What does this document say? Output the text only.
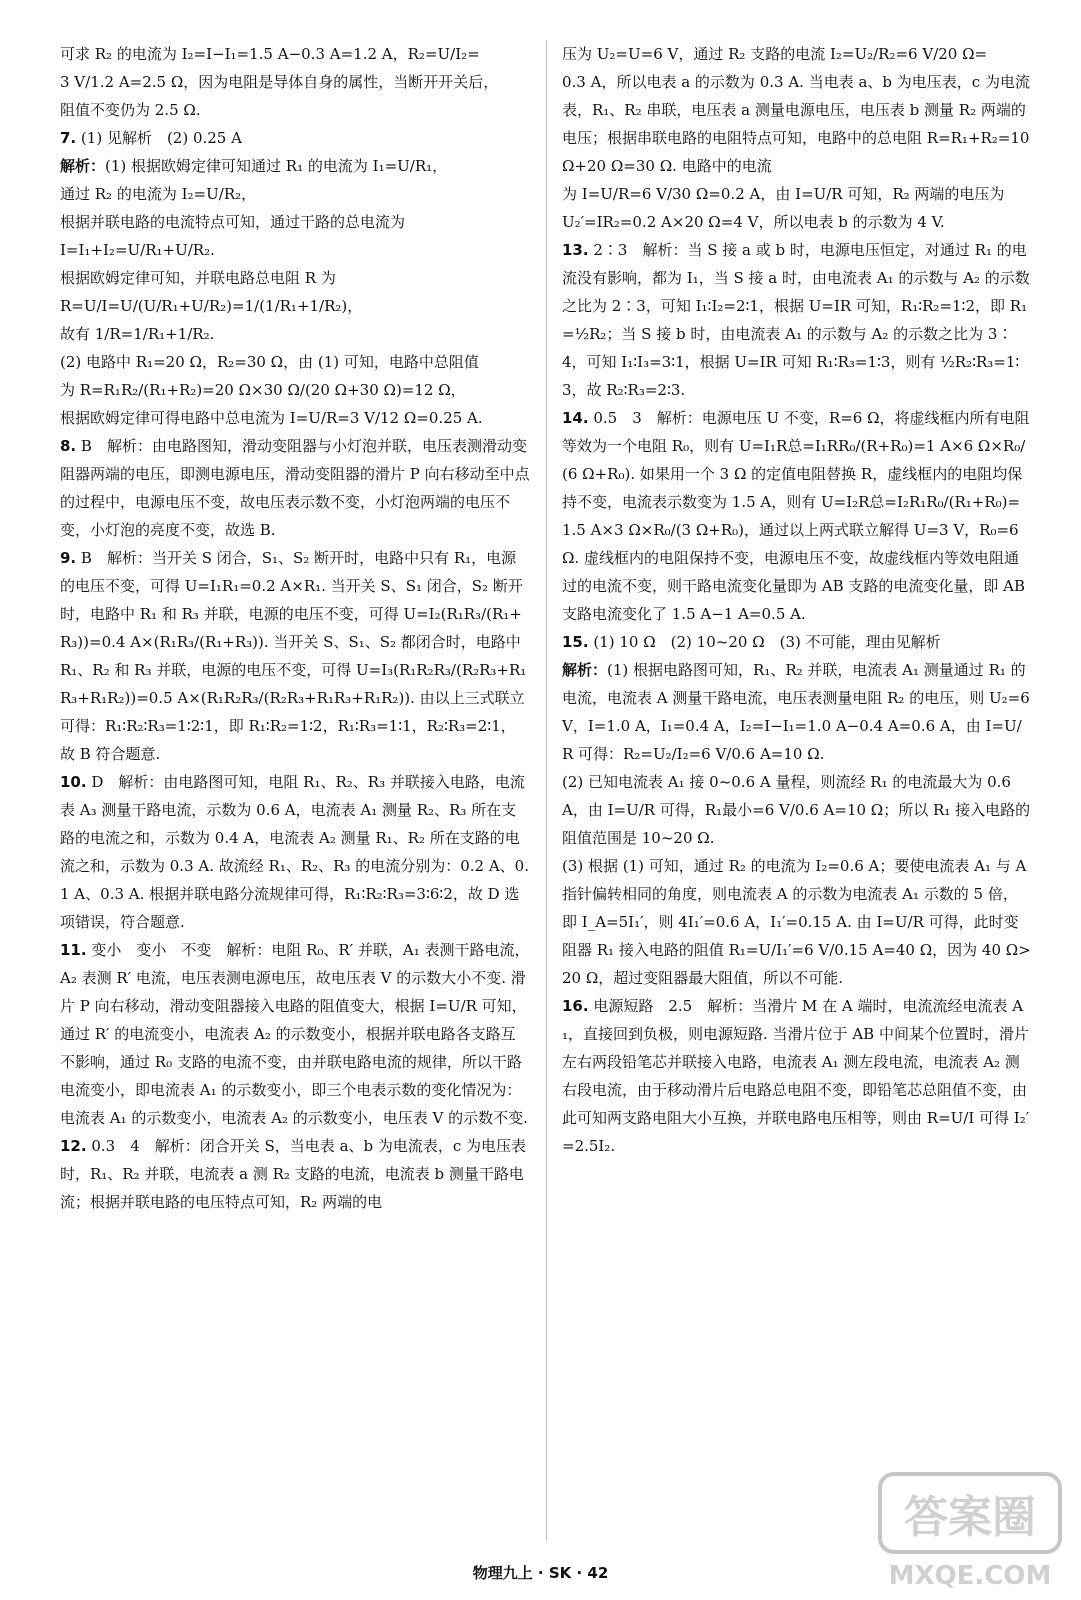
可求 R₂ 的电流为 I₂=I−I₁=1.5 A−0.3 A=1.2 A，R₂=U/I₂=

3 V/1.2 A=2.5 Ω，因为电阻是导体自身的属性，当断开开关后，

阻值不变仍为 2.5 Ω.

7. (1) 见解析　(2) 0.25 A

解析：(1) 根据欧姆定律可知通过 R₁ 的电流为 I₁=U/R₁，

通过 R₂ 的电流为 I₂=U/R₂，

根据并联电路的电流特点可知，通过干路的总电流为

I=I₁+I₂=U/R₁+U/R₂.

根据欧姆定律可知，并联电路总电阻 R 为

R=U/I=U/(U/R₁+U/R₂)=1/(1/R₁+1/R₂)，

故有 1/R=1/R₁+1/R₂.

(2) 电路中 R₁=20 Ω，R₂=30 Ω，由 (1) 可知，电路中总阻值

为 R=R₁R₂/(R₁+R₂)=20 Ω×30 Ω/(20 Ω+30 Ω)=12 Ω，

根据欧姆定律可得电路中总电流为 I=U/R=3 V/12 Ω=0.25 A.

8. B　解析：由电路图知，滑动变阻器与小灯泡并联，电压表测滑动变阻器两端的电压，即测电源电压，滑动变阻器的滑片 P 向右移动至中点的过程中，电源电压不变，故电压表示数不变，小灯泡两端的电压不变，小灯泡的亮度不变，故选 B.

9. B　解析：当开关 S 闭合，S₁、S₂ 断开时，电路中只有 R₁，电源的电压不变，可得 U=I₁R₁=0.2 A×R₁. 当开关 S、S₁ 闭合，S₂ 断开时，电路中 R₁ 和 R₃ 并联，电源的电压不变，可得 U=I₂(R₁R₃/(R₁+R₃))=0.4 A×(R₁R₃/(R₁+R₃)). 当开关 S、S₁、S₂ 都闭合时，电路中 R₁、R₂ 和 R₃ 并联，电源的电压不变，可得 U=I₃(R₁R₂R₃/(R₂R₃+R₁R₃+R₁R₂))=0.5 A×(R₁R₂R₃/(R₂R₃+R₁R₃+R₁R₂)). 由以上三式联立可得：R₁∶R₂∶R₃=1∶2∶1，即 R₁∶R₂=1∶2，R₁∶R₃=1∶1，R₂∶R₃=2∶1，故 B 符合题意.

10. D　解析：由电路图可知，电阻 R₁、R₂、R₃ 并联接入电路，电流表 A₃ 测量干路电流，示数为 0.6 A，电流表 A₁ 测量 R₂、R₃ 所在支路的电流之和，示数为 0.4 A，电流表 A₂ 测量 R₁、R₂ 所在支路的电流之和，示数为 0.3 A. 故流经 R₁、R₂、R₃ 的电流分别为：0.2 A、0.1 A、0.3 A. 根据并联电路分流规律可得，R₁∶R₂∶R₃=3∶6∶2，故 D 选项错误，符合题意.

11. 变小　变小　不变　解析：电阻 R₀、R′ 并联，A₁ 表测干路电流，A₂ 表测 R′ 电流，电压表测电源电压，故电压表 V 的示数大小不变. 滑片 P 向右移动，滑动变阻器接入电路的阻值变大，根据 I=U/R 可知，通过 R′ 的电流变小，电流表 A₂ 的示数变小，根据并联电路各支路互不影响，通过 R₀ 支路的电流不变，由并联电路电流的规律，所以干路电流变小，即电流表 A₁ 的示数变小，即三个电表示数的变化情况为：电流表 A₁ 的示数变小，电流表 A₂ 的示数变小，电压表 V 的示数不变.

12. 0.3　4　解析：闭合开关 S，当电表 a、b 为电流表，c 为电压表时，R₁、R₂ 并联，电流表 a 测 R₂ 支路的电流，电流表 b 测量干路电流；根据并联电路的电压特点可知，R₂ 两端的电

压为 U₂=U=6 V，通过 R₂ 支路的电流 I₂=U₂/R₂=6 V/20 Ω=

0.3 A，所以电表 a 的示数为 0.3 A. 当电表 a、b 为电压表，c 为电流表，R₁、R₂ 串联，电压表 a 测量电源电压，电压表 b 测量 R₂ 两端的电压；根据串联电路的电阻特点可知，电路中的总电阻 R=R₁+R₂=10 Ω+20 Ω=30 Ω. 电路中的电流

为 I=U/R=6 V/30 Ω=0.2 A，由 I=U/R 可知，R₂ 两端的电压为

U₂′=IR₂=0.2 A×20 Ω=4 V，所以电表 b 的示数为 4 V.

13. 2∶3　解析：当 S 接 a 或 b 时，电源电压恒定，对通过 R₁ 的电流没有影响，都为 I₁，当 S 接 a 时，由电流表 A₁ 的示数与 A₂ 的示数之比为 2∶3，可知 I₁∶I₂=2∶1，根据 U=IR 可知，R₁∶R₂=1∶2，即 R₁=½R₂；当 S 接 b 时，由电流表 A₁ 的示数与 A₂ 的示数之比为 3∶4，可知 I₁∶I₃=3∶1，根据 U=IR 可知 R₁∶R₃=1∶3，则有 ½R₂∶R₃=1∶3，故 R₂∶R₃=2∶3.

14. 0.5　3　解析：电源电压 U 不变，R=6 Ω，将虚线框内所有电阻等效为一个电阻 R₀，则有 U=I₁R总=I₁RR₀/(R+R₀)=1 A×6 Ω×R₀/(6 Ω+R₀). 如果用一个 3 Ω 的定值电阻替换 R，虚线框内的电阻均保持不变，电流表示数变为 1.5 A，则有 U=I₂R总=I₂R₁R₀/(R₁+R₀)=1.5 A×3 Ω×R₀/(3 Ω+R₀)，通过以上两式联立解得 U=3 V，R₀=6 Ω. 虚线框内的电阻保持不变，电源电压不变，故虚线框内等效电阻通过的电流不变，则干路电流变化量即为 AB 支路的电流变化量，即 AB 支路电流变化了 1.5 A−1 A=0.5 A.

15. (1) 10 Ω　(2) 10~20 Ω　(3) 不可能，理由见解析

解析：(1) 根据电路图可知，R₁、R₂ 并联，电流表 A₁ 测量通过 R₁ 的电流，电流表 A 测量干路电流，电压表测量电阻 R₂ 的电压，则 U₂=6 V，I=1.0 A，I₁=0.4 A，I₂=I−I₁=1.0 A−0.4 A=0.6 A，由 I=U/R 可得：R₂=U₂/I₂=6 V/0.6 A=10 Ω.

(2) 已知电流表 A₁ 接 0~0.6 A 量程，则流经 R₁ 的电流最大为 0.6 A，由 I=U/R 可得，R₁最小=6 V/0.6 A=10 Ω；所以 R₁ 接入电路的阻值范围是 10~20 Ω.

(3) 根据 (1) 可知，通过 R₂ 的电流为 I₂=0.6 A；要使电流表 A₁ 与 A 指针偏转相同的角度，则电流表 A 的示数为电流表 A₁ 示数的 5 倍，即 I_A=5I₁′，则 4I₁′=0.6 A，I₁′=0.15 A. 由 I=U/R 可得，此时变阻器 R₁ 接入电路的阻值 R₁=U/I₁′=6 V/0.15 A=40 Ω，因为 40 Ω>20 Ω，超过变阻器最大阻值，所以不可能.

16. 电源短路　2.5　解析：当滑片 M 在 A 端时，电流流经电流表 A₁，直接回到负极，则电源短路. 当滑片位于 AB 中间某个位置时，滑片左右两段铅笔芯并联接入电路，电流表 A₁ 测左段电流，电流表 A₂ 测右段电流，由于移动滑片后电路总电阻不变，即铅笔芯总阻值不变，由此可知两支路电阻大小互换，并联电路电压相等，则由 R=U/I 可得 I₂′=2.5I₂.

物理九上 · SK · 42
答案圈
MXQE.COM
